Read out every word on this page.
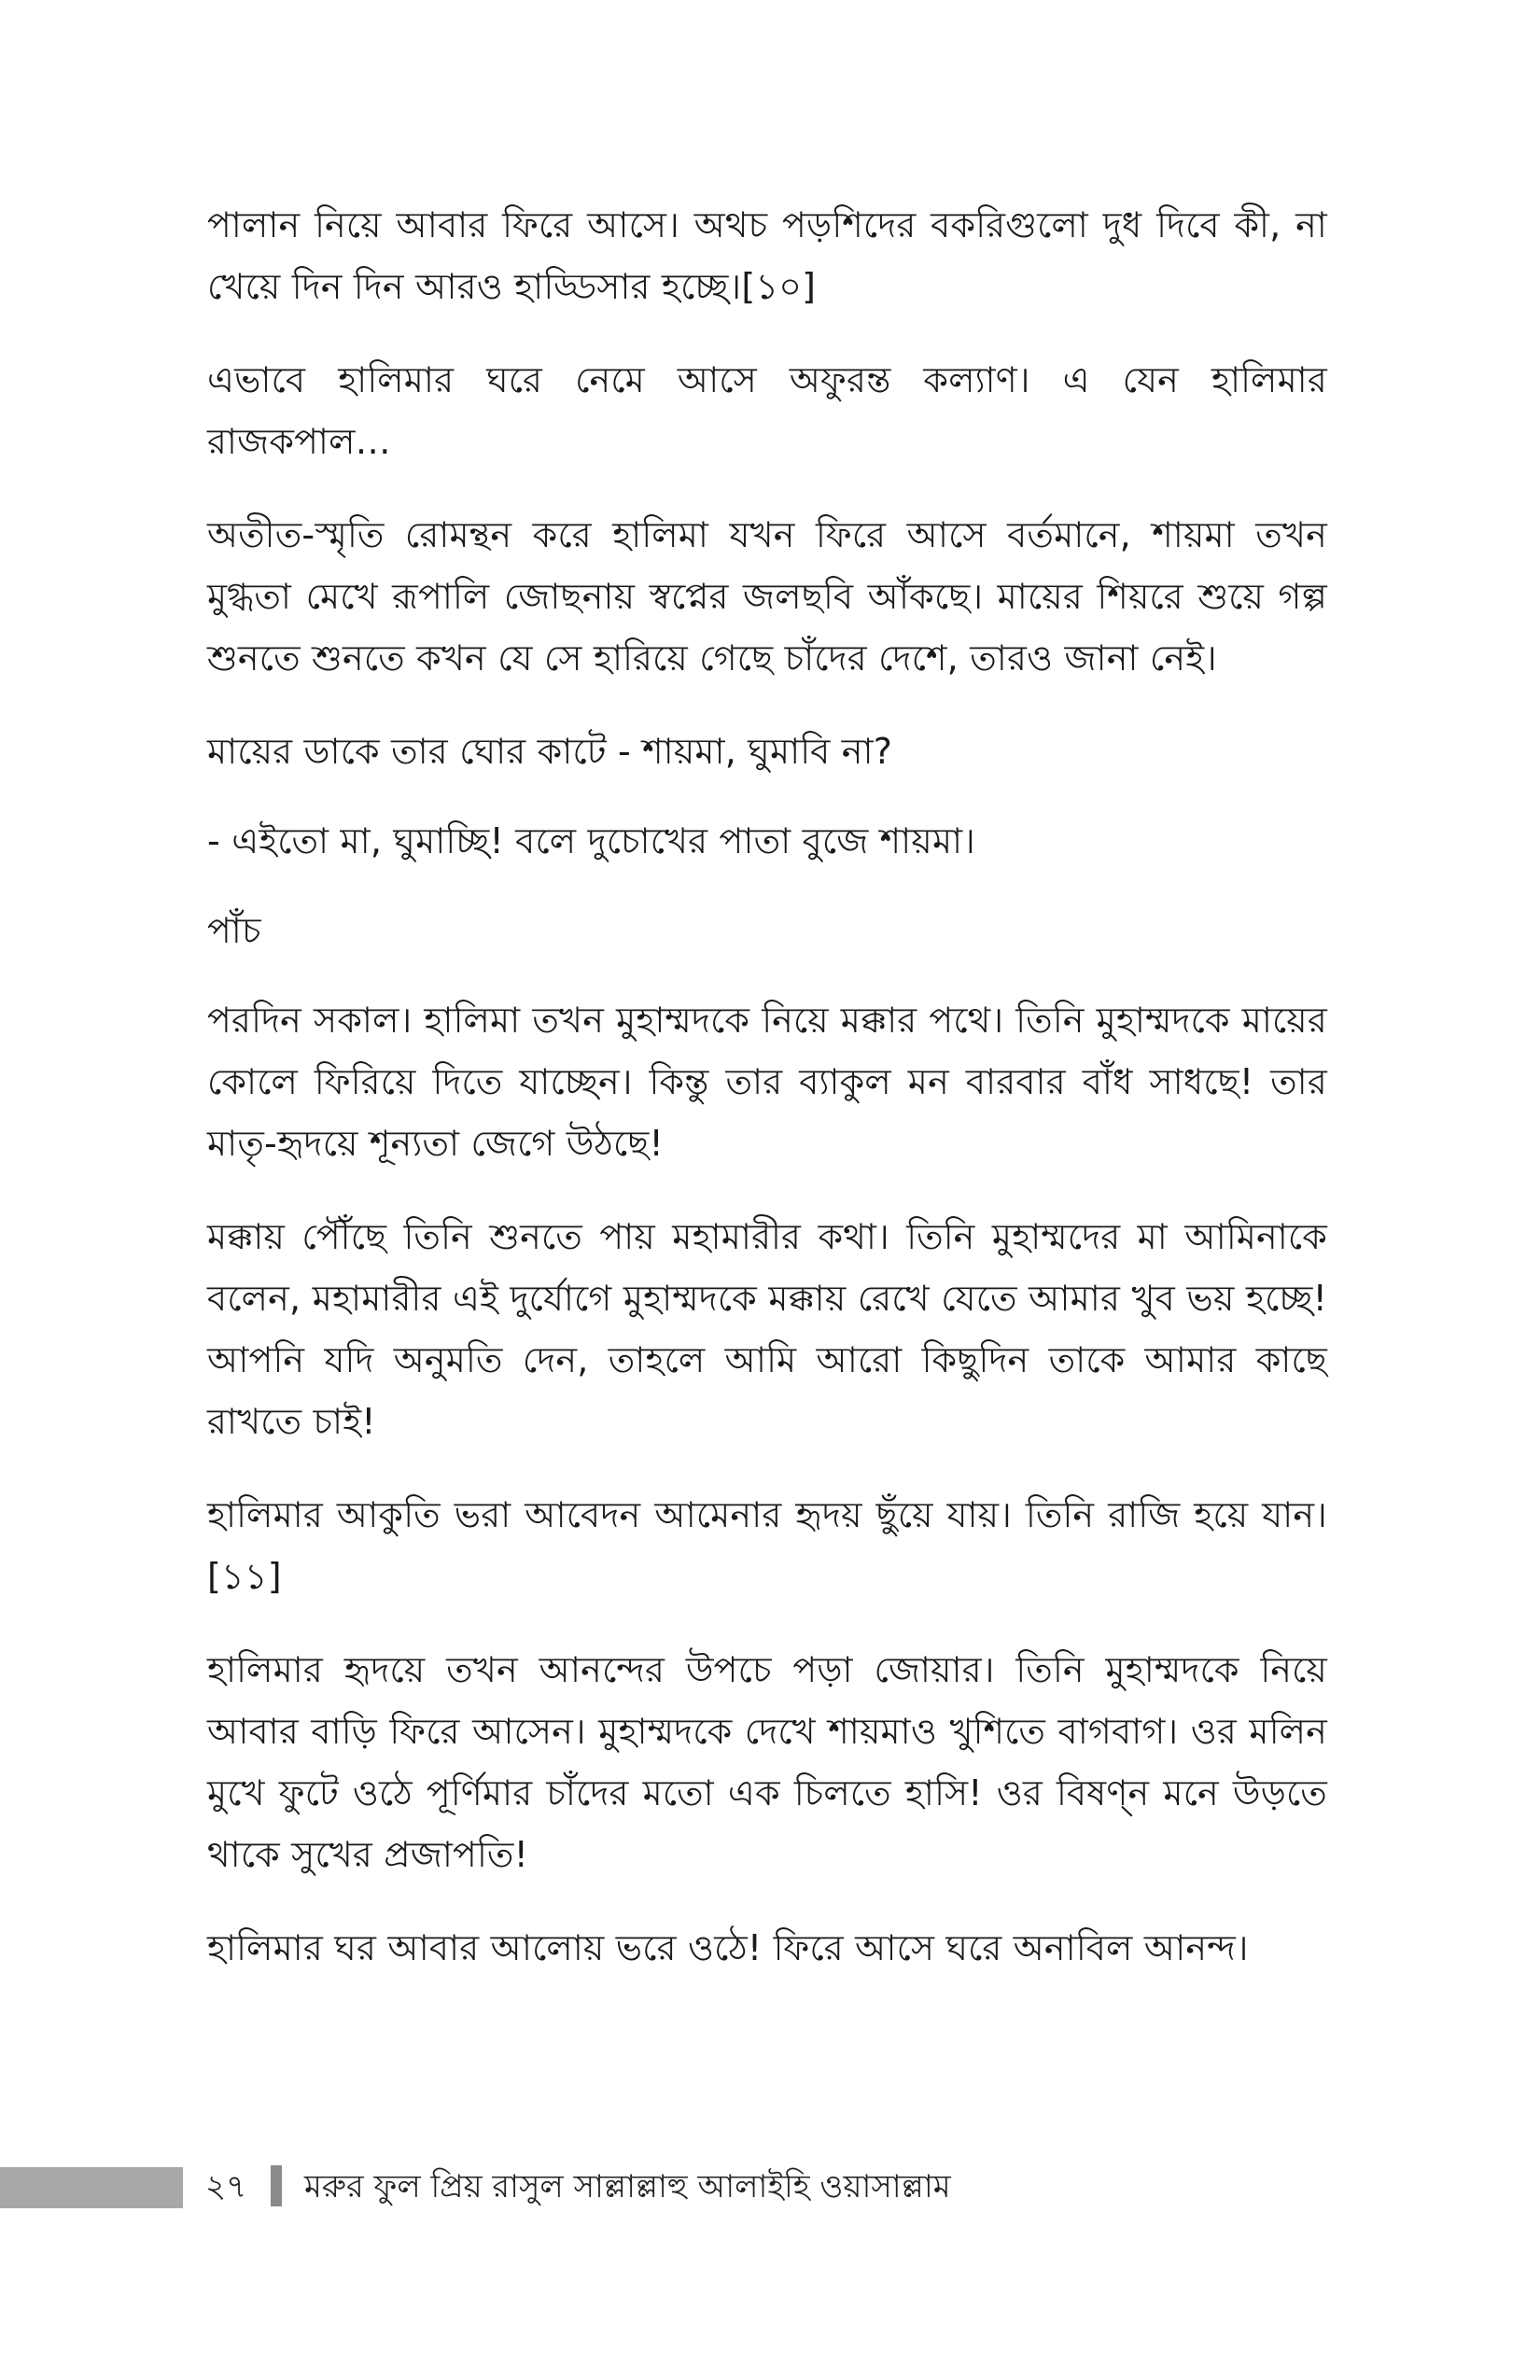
পালান নিয়ে আবার ফিরে আসে। অথচ পড়শিদের বকরিগুলো দুধ দিবে কী, না খেয়ে দিন দিন আরও হাড্ডিসার হচ্ছে।[১০]

এভাবে হালিমার ঘরে নেমে আসে অফুরন্ত কল্যাণ। এ যেন হালিমার রাজকপাল…

অতীত-স্মৃতি রোমন্থন করে হালিমা যখন ফিরে আসে বর্তমানে, শায়মা তখন মুগ্ধতা মেখে রূপালি জোছনায় স্বপ্নের জলছবি আঁকছে। মায়ের শিয়রে শুয়ে গল্প শুনতে শুনতে কখন যে সে হারিয়ে গেছে চাঁদের দেশে, তারও জানা নেই।

মায়ের ডাকে তার ঘোর কাটে - শায়মা, ঘুমাবি না?

- এইতো মা, ঘুমাচ্ছি! বলে দুচোখের পাতা বুজে শায়মা।

পাঁচ

পরদিন সকাল। হালিমা তখন মুহাম্মদকে নিয়ে মক্কার পথে। তিনি মুহাম্মদকে মায়ের কোলে ফিরিয়ে দিতে যাচ্ছেন। কিন্তু তার ব্যাকুল মন বারবার বাঁধ সাধছে! তার মাতৃ-হৃদয়ে শূন্যতা জেগে উঠছে!

মক্কায় পৌঁছে তিনি শুনতে পায় মহামারীর কথা। তিনি মুহাম্মদের মা আমিনাকে বলেন, মহামারীর এই দুর্যোগে মুহাম্মদকে মক্কায় রেখে যেতে আমার খুব ভয় হচ্ছে! আপনি যদি অনুমতি দেন, তাহলে আমি আরো কিছুদিন তাকে আমার কাছে রাখতে চাই!

হালিমার আকুতি ভরা আবেদন আমেনার হৃদয় ছুঁয়ে যায়। তিনি রাজি হয়ে যান।[১১]

হালিমার হৃদয়ে তখন আনন্দের উপচে পড়া জোয়ার। তিনি মুহাম্মদকে নিয়ে আবার বাড়ি ফিরে আসেন। মুহাম্মদকে দেখে শায়মাও খুশিতে বাগবাগ। ওর মলিন মুখে ফুটে ওঠে পূর্ণিমার চাঁদের মতো এক চিলতে হাসি! ওর বিষণ্ন মনে উড়তে থাকে সুখের প্রজাপতি!

হালিমার ঘর আবার আলোয় ভরে ওঠে! ফিরে আসে ঘরে অনাবিল আনন্দ।

২৭ মরুর ফুল প্রিয় রাসুল সাল্লাল্লাহু আলাইহি ওয়াসাল্লাম
